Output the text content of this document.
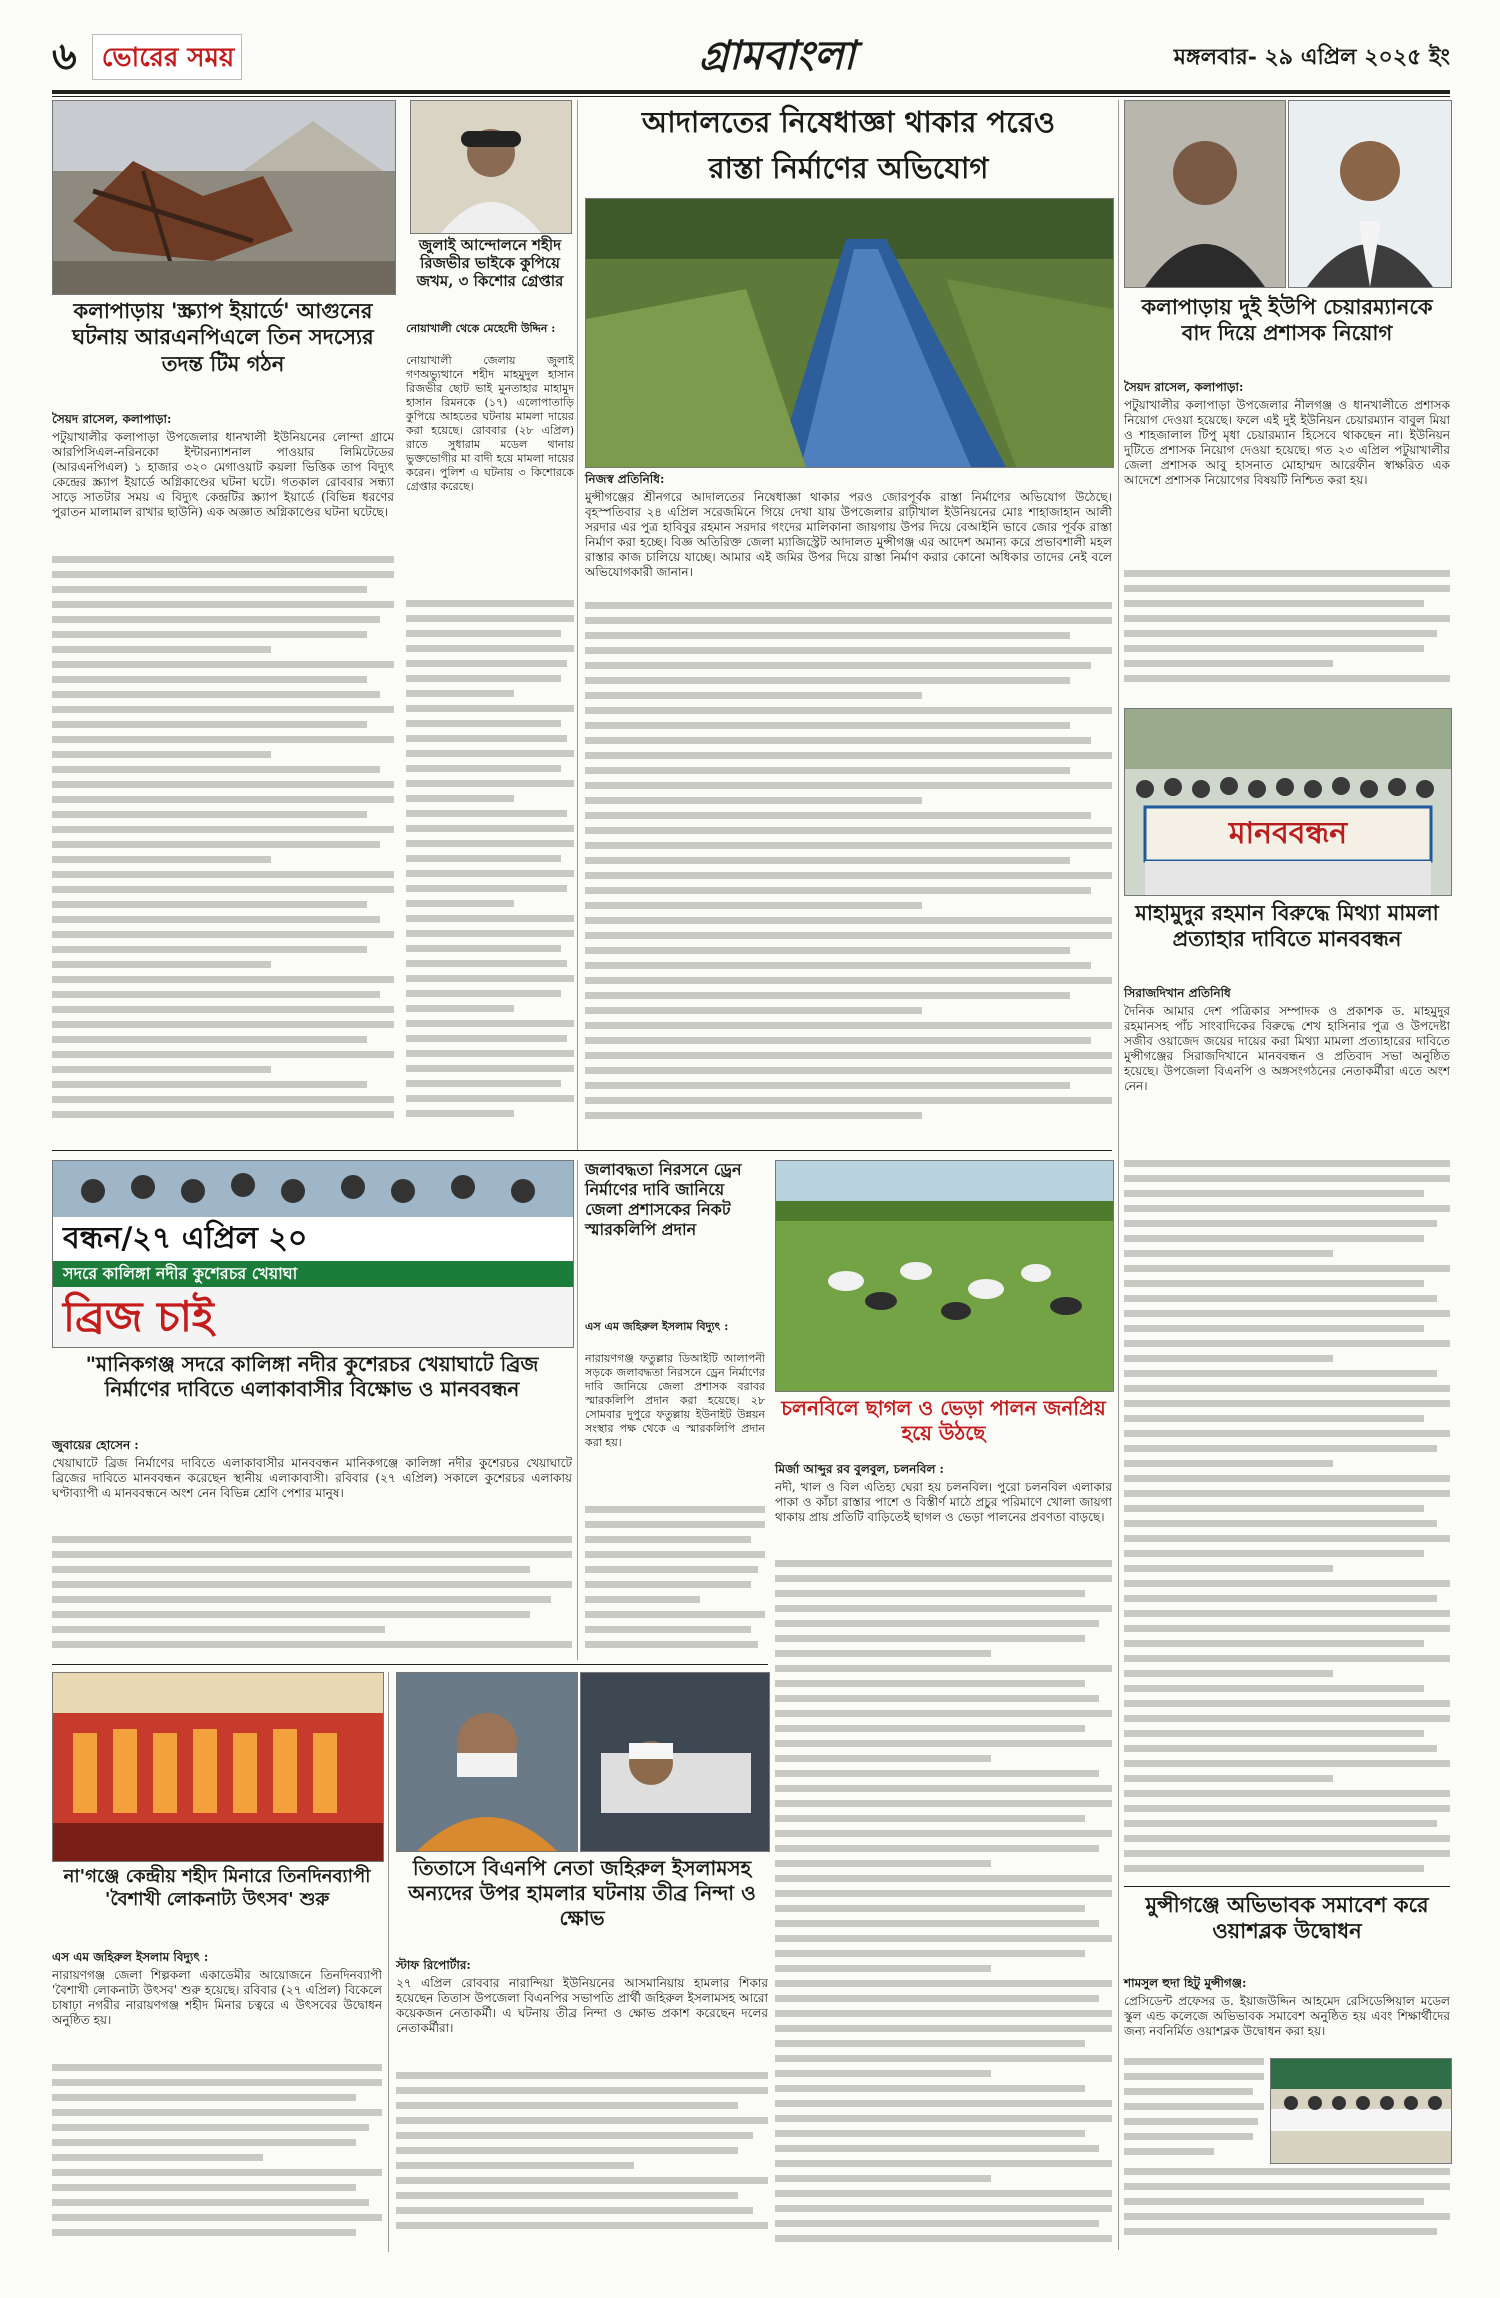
৬ ভোরের সময়	গ্রামবাংলা	মঙ্গলবার- ২৯ এপ্রিল ২০২৫ ইং
কলাপাড়ায় 'স্ক্র্যাপ ইয়ার্ডে' আগুনের ঘটনায় আরএনপিএলে তিন সদস্যের তদন্ত টিম গঠন
সৈয়দ রাসেল, কলাপাড়া:
পটুয়াখালীর কলাপাড়া উপজেলার ধানখালী ইউনিয়নের লোন্দা গ্রামে আরপিসিএল-নরিনকো ইন্টারন্যাশনাল পাওয়ার লিমিটেডের (আরএনপিএল) ১ হাজার ৩২০ মেগাওয়াট কয়লা ভিত্তিক তাপ বিদ্যুৎ কেন্দ্রের স্ক্র্যাপ ইয়ার্ডে অগ্নিকাণ্ডের ঘটনা ঘটে। গতকাল রোববার সন্ধ্যা সাড়ে সাতটার সময় এ বিদ্যুৎ কেন্দ্রটির স্ক্র্যাপ ইয়ার্ডে (বিভিন্ন ধরণের পুরাতন মালামাল রাখার ছাউনি) এক অজ্ঞাত অগ্নিকাণ্ডের ঘটনা ঘটেছে।
জুলাই আন্দোলনে শহীদ রিজভীর ভাইকে কুপিয়ে জখম, ৩ কিশোর গ্রেপ্তার
নোয়াখালী থেকে মেহেদেী উদ্দিন :
নোয়াখালী জেলায় জুলাই গণঅভ্যুত্থানে শহীদ মাহমুদুল হাসান রিজভীর ছোট ভাই মুনতাহার মাহামুদ হাসান রিমনকে (১৭) এলোপাতাড়ি কুপিয়ে আহতের ঘটনায় মামলা দায়ের করা হয়েছে। রোববার (২৮ এপ্রিল) রাতে সুধারাম মডেল থানায় ভুক্তভোগীর মা বাদী হয়ে মামলা দায়ের করেন। পুলিশ এ ঘটনায় ৩ কিশোরকে গ্রেপ্তার করেছে।
আদালতের নিষেধাজ্ঞা থাকার পরেও
রাস্তা নির্মাণের অভিযোগ
নিজস্ব প্রতিনিধি:
মুন্সীগঞ্জের শ্রীনগরে আদালতের নিষেধাজ্ঞা থাকার পরও জোরপূর্বক রাস্তা নির্মাণের অভিযোগ উঠেছে। বৃহস্পতিবার ২৪ এপ্রিল সরেজমিনে গিয়ে দেখা যায় উপজেলার রাঢ়ীখাল ইউনিয়নের মোঃ শাহাজাহান আলী সরদার এর পুত্র হাবিবুর রহমান সরদার গংদের মালিকানা জায়গায় উপর দিয়ে বেআইনি ভাবে জোর পূর্বক রাস্তা নির্মাণ করা হচ্ছে। বিজ্ঞ অতিরিক্ত জেলা ম্যাজিস্ট্রেট আদালত মুন্সীগঞ্জ এর আদেশ অমান্য করে প্রভাবশালী মহল রাস্তার কাজ চালিয়ে যাচ্ছে। আমার এই জমির উপর দিয়ে রাস্তা নির্মাণ করার কোনো অধিকার তাদের নেই বলে অভিযোগকারী জানান।
কলাপাড়ায় দুই ইউপি চেয়ারম্যানকে বাদ দিয়ে প্রশাসক নিয়োগ
সৈয়দ রাসেল, কলাপাড়া:
পটুয়াখালীর কলাপাড়া উপজেলার নীলগঞ্জ ও ধানখালীতে প্রশাসক নিয়োগ দেওয়া হয়েছে। ফলে এই দুই ইউনিয়ন চেয়ারম্যান বাবুল মিয়া ও শাহজালাল টিপু মৃধা চেয়ারম্যান হিসেবে থাকছেন না। ইউনিয়ন দুটিতে প্রশাসক নিয়োগ দেওয়া হয়েছে। গত ২৩ এপ্রিল পটুয়াখালীর জেলা প্রশাসক আবু হাসনাত মোহাম্মদ আরেফীন স্বাক্ষরিত এক আদেশে প্রশাসক নিয়োগের বিষয়টি নিশ্চিত করা হয়।
মানববন্ধন
মাহামুদুর রহমান বিরুদ্ধে মিথ্যা মামলা প্রত্যাহার দাবিতে মানববন্ধন
সিরাজদিখান প্রতিনিধি
দৈনিক আমার দেশ পত্রিকার সম্পাদক ও প্রকাশক ড. মাহমুদুর রহমানসহ পাঁচ সাংবাদিকের বিরুদ্ধে শেখ হাসিনার পুত্র ও উপদেষ্টা সজীব ওয়াজেদ জয়ের দায়ের করা মিথ্যা মামলা প্রত্যাহারের দাবিতে মুন্সীগঞ্জের সিরাজদিখানে মানববন্ধন ও প্রতিবাদ সভা অনুষ্ঠিত হয়েছে। উপজেলা বিএনপি ও অঙ্গসংগঠনের নেতাকর্মীরা এতে অংশ নেন।
বন্ধন/২৭ এপ্রিল ২০
সদরে কালিঙ্গা নদীর কুশেরচর খেয়াঘা
ব্রিজ চাই
"মানিকগঞ্জ সদরে কালিঙ্গা নদীর কুশেরচর খেয়াঘাটে ব্রিজ নির্মাণের দাবিতে এলাকাবাসীর বিক্ষোভ ও মানববন্ধন
জুবায়ের হোসেন :
খেয়াঘাটে ব্রিজ নির্মাণের দাবিতে এলাকাবাসীর মানববন্ধন মানিকগঞ্জে কালিঙ্গা নদীর কুশেরচর খেয়াঘাটে ব্রিজের দাবিতে মানববন্ধন করেছেন স্থানীয় এলাকাবাসী। রবিবার (২৭ এপ্রিল) সকালে কুশেরচর এলাকায় ঘণ্টাব্যাপী এ মানববন্ধনে অংশ নেন বিভিন্ন শ্রেণি পেশার মানুষ।
জলাবদ্ধতা নিরসনে ড্রেন নির্মাণের দাবি জানিয়ে জেলা প্রশাসকের নিকট স্মারকলিপি প্রদান
এস এম জহিরুল ইসলাম বিদ্যুৎ :
নারায়ণগঞ্জ ফতুল্লার ডিআইটি আলাপনী সড়কে জলাবদ্ধতা নিরসনে ড্রেন নির্মাণের দাবি জানিয়ে জেলা প্রশাসক বরাবর স্মারকলিপি প্রদান করা হয়েছে। ২৮ সোমবার দুপুরে ফতুল্লায় ইউনাইট উন্নয়ন সংস্থার পক্ষ থেকে এ স্মারকলিপি প্রদান করা হয়।
চলনবিলে ছাগল ও ভেড়া পালন জনপ্রিয় হয়ে উঠছে
মির্জা আব্দুর রব বুলবুল, চলনবিল :
নদী, খাল ও বিল এতিহ্য ঘেরা হয় চলনবিল। পুরো চলনবিল এলাকার পাকা ও কাঁচা রাস্তার পাশে ও বিস্তীর্ণ মাঠে প্রচুর পরিমাণে খোলা জায়গা থাকায় প্রায় প্রতিটি বাড়িতেই ছাগল ও ভেড়া পালনের প্রবণতা বাড়ছে।
না'গঞ্জে কেন্দ্রীয় শহীদ মিনারে তিনদিনব্যাপী 'বৈশাখী লোকনাট্য উৎসব' শুরু
এস এম জহিরুল ইসলাম বিদ্যুৎ :
নারায়ণগঞ্জ জেলা শিল্পকলা একাডেমীর আয়োজনে তিনদিনব্যাপী 'বৈশাখী লোকনাট্য উৎসব' শুরু হয়েছে। রবিবার (২৭ এপ্রিল) বিকেলে চাষাঢ়া নগরীর নারায়ণগঞ্জ শহীদ মিনার চত্বরে এ উৎসবের উদ্বোধন অনুষ্ঠিত হয়।
তিতাসে বিএনপি নেতা জহিরুল ইসলামসহ অন্যদের উপর হামলার ঘটনায় তীব্র নিন্দা ও ক্ষোভ
স্টাফ রিপোর্টার:
২৭ এপ্রিল রোববার নারান্দিয়া ইউনিয়নের আসমানিয়ায় হামলার শিকার হয়েছেন তিতাস উপজেলা বিএনপির সভাপতি প্রার্থী জহিরুল ইসলামসহ আরো কয়েকজন নেতাকর্মী। এ ঘটনায় তীব্র নিন্দা ও ক্ষোভ প্রকাশ করেছেন দলের নেতাকর্মীরা।
মুন্সীগঞ্জে অভিভাবক সমাবেশ করে ওয়াশব্লক উদ্বোধন
শামসুল হুদা হিটু মুন্সীগঞ্জ:
প্রেসিডেন্ট প্রফেসর ড. ইয়াজউদ্দিন আহমেদ রেসিডেন্সিয়াল মডেল স্কুল এন্ড কলেজে অভিভাবক সমাবেশ অনুষ্ঠিত হয় এবং শিক্ষার্থীদের জন্য নবনির্মিত ওয়াশব্লক উদ্বোধন করা হয়।
